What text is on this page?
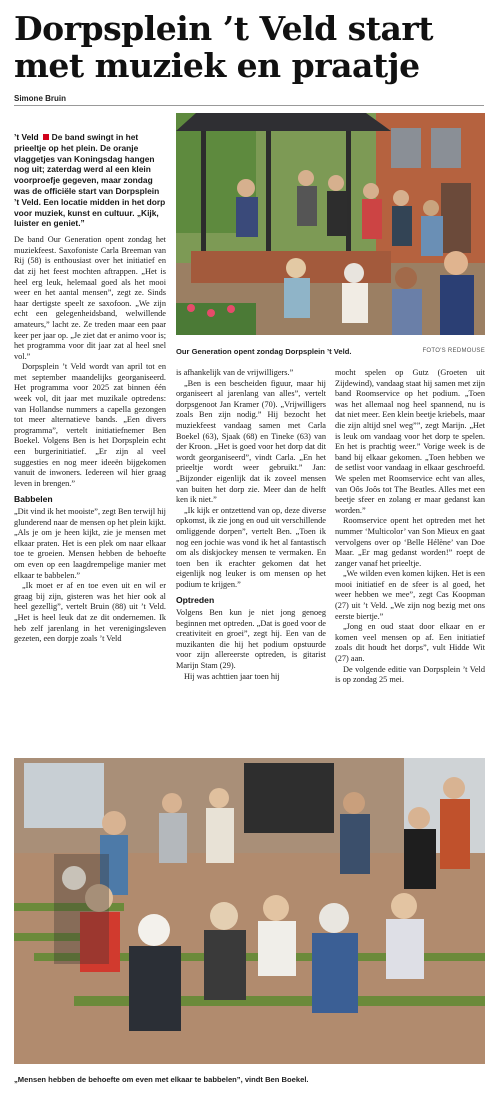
Dorpsplein ’t Veld start
met muziek en praatje
Simone Bruin
’t Veld De band swingt in het prieeltje op het plein. De oranje vlaggetjes van Koningsdag hangen nog uit; zaterdag werd al een klein voorproefje gegeven, maar zondag was de officiële start van Dorpsplein ’t Veld. Een locatie midden in het dorp voor muziek, kunst en cultuur. „Kijk, luister en geniet.”

De band Our Generation opent zondag het muziekfeest. Saxofoniste Carla Breeman van Rij (58) is enthousiast over het initiatief en dat zij het feest mochten aftrappen. „Het is heel erg leuk, helemaal goed als het mooi weer en het aantal mensen”, zegt ze. Sinds haar dertigste speelt ze saxofoon. „We zijn echt een gelegenheidsband, welwillende amateurs,” lacht ze. Ze treden maar een paar keer per jaar op. „Je ziet dat er animo voor is; het programma voor dit jaar zat al heel snel vol.”

Dorpsplein ’t Veld wordt van april tot en met september maandelijks georganiseerd. Het programma voor 2025 zat binnen één week vol, dit jaar met muzikale optredens: van Hollandse nummers a capella gezongen tot meer alternatieve bands. „Een divers programma”, vertelt initiatiefnemer Ben Boekel. Volgens Ben is het Dorpsplein echt een burgerinitiatief. „Er zijn al veel suggesties en nog meer ideeën bijgekomen vanuit de inwoners. Iedereen wil hier graag leven in brengen.”

Babbelen

„Dit vind ik het mooiste”, zegt Ben terwijl hij glunderend naar de mensen op het plein kijkt. „Als je om je heen kijkt, zie je mensen met elkaar praten. Het is een plek om naar elkaar toe te groeien. Mensen hebben de behoefte om even op een laagdrempelige manier met elkaar te babbelen.”

„Ik moet er af en toe even uit en wil er graag bij zijn, gisteren was het hier ook al heel gezellig”, vertelt Bruin (88) uit ’t Veld. „Het is heel leuk dat ze dit ondernemen. Ik heb zelf jarenlang in het verenigingsleven gezeten, een dorpje zoals ’t Veld

Our Generation opent zondag Dorpsplein ’t Veld.	FOTO'S REDMOUSE

is afhankelijk van de vrijwilligers.”

„Ben is een bescheiden figuur, maar hij organiseert al jarenlang van alles”, vertelt dorpsgenoot Jan Kramer (70). „Vrijwilligers zoals Ben zijn nodig.” Hij bezocht het muziekfeest vandaag samen met Carla Boekel (63), Sjaak (68) en Tineke (63) van der Kroon. „Het is goed voor het dorp dat dit wordt georganiseerd”, vindt Carla. „En het prieeltje wordt weer gebruikt.” Jan: „Bijzonder eigenlijk dat ik zoveel mensen van buiten het dorp zie. Meer dan de helft ken ik niet.”

„Ik kijk er ontzettend van op, deze diverse opkomst, ik zie jong en oud uit verschillende omliggende dorpen”, vertelt Ben. „Toen ik nog een jochie was vond ik het al fantastisch om als diskjockey mensen te vermaken. En toen ben ik erachter gekomen dat het eigenlijk nog leuker is om mensen op het podium te krijgen.”

Optreden

Volgens Ben kun je niet jong genoeg beginnen met optreden. „Dat is goed voor de creativiteit en groei”, zegt hij. Een van de muzikanten die hij het podium opstuurde voor zijn allereerste optreden, is gitarist Marijn Stam (29).

Hij was achttien jaar toen hij

mocht spelen op Gutz (Groeten uit Zijdewind), vandaag staat hij samen met zijn band Roomservice op het podium. „Toen was het allemaal nog heel spannend, nu is dat niet meer. Een klein beetje kriebels, maar die zijn altijd snel weg””, zegt Marijn. „Het is leuk om vandaag voor het dorp te spelen. En het is prachtig weer.” Vorige week is de band bij elkaar gekomen. „Toen hebben we de setlist voor vandaag in elkaar geschroefd. We spelen met Roomservice echt van alles, van Oôs Joôs tot The Beatles. Alles met een beetje sfeer en zolang er maar gedanst kan worden.”

Roomservice opent het optreden met het nummer ‘Multicolor’ van Son Mieux en gaat vervolgens over op ‘Belle Hélène’ van Doe Maar. „Er mag gedanst worden!” roept de zanger vanaf het prieeltje.

„We wilden even komen kijken. Het is een mooi initiatief en de sfeer is al goed, het weer hebben we mee”, zegt Cas Koopman (27) uit ’t Veld. „We zijn nog bezig met ons eerste biertje.”

„Jong en oud staat door elkaar en er komen veel mensen op af. Een initiatief zoals dit houdt het dorps”, vult Hidde Wit (27) aan.

De volgende editie van Dorpsplein ’t Veld is op zondag 25 mei.

„Mensen hebben de behoefte om even met elkaar te babbelen”, vindt Ben Boekel.
